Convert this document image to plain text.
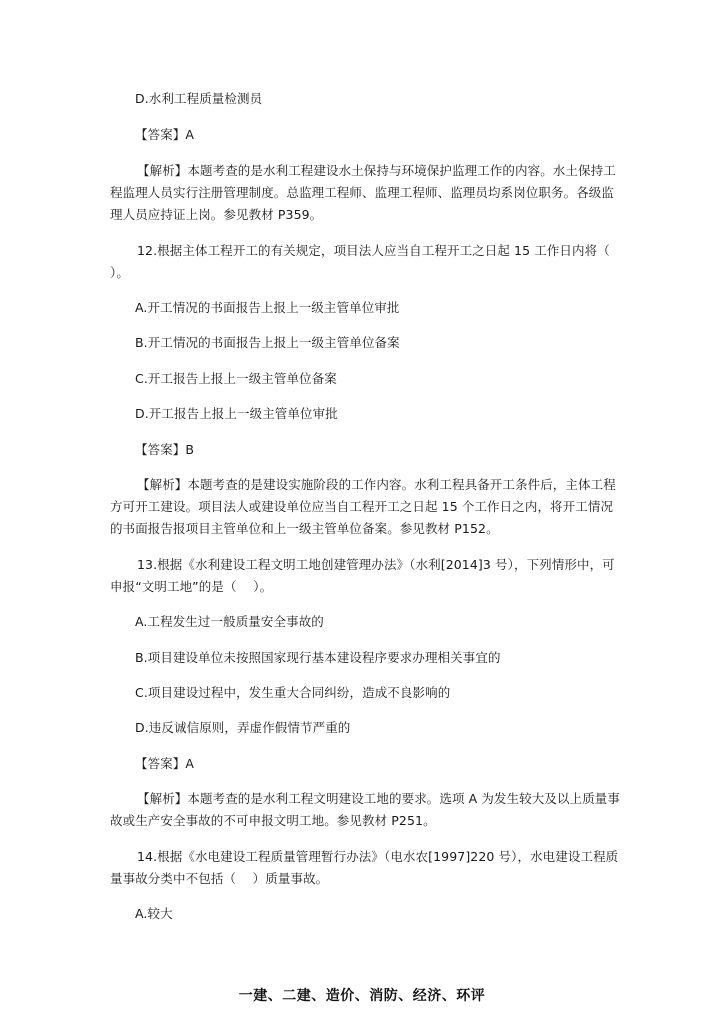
D.水利工程质量检测员

【答案】A

【解析】本题考查的是水利工程建设水土保持与环境保护监理工作的内容。水土保持工程监理人员实行注册管理制度。总监理工程师、监理工程师、监理员均系岗位职务。各级监理人员应持证上岗。参见教材 P359。

12.根据主体工程开工的有关规定，项目法人应当自工程开工之日起 15 工作日内将（　 ）。

A.开工情况的书面报告上报上一级主管单位审批

B.开工情况的书面报告上报上一级主管单位备案

C.开工报告上报上一级主管单位备案

D.开工报告上报上一级主管单位审批

【答案】B

【解析】本题考查的是建设实施阶段的工作内容。水利工程具备开工条件后，主体工程方可开工建设。项目法人或建设单位应当自工程开工之日起 15 个工作日之内，将开工情况的书面报告报项目主管单位和上一级主管单位备案。参见教材 P152。

13.根据《水利建设工程文明工地创建管理办法》（水利[2014]3 号），下列情形中，可申报“文明工地”的是（　 ）。

A.工程发生过一般质量安全事故的

B.项目建设单位未按照国家现行基本建设程序要求办理相关事宜的

C.项目建设过程中，发生重大合同纠纷，造成不良影响的

D.违反诚信原则，弄虚作假情节严重的

【答案】A

【解析】本题考查的是水利工程文明建设工地的要求。选项 A 为发生较大及以上质量事故或生产安全事故的不可申报文明工地。参见教材 P251。

14.根据《水电建设工程质量管理暂行办法》（电水农[1997]220 号），水电建设工程质量事故分类中不包括（　 ）质量事故。

A.较大

一建、二建、造价、消防、经济、环评
